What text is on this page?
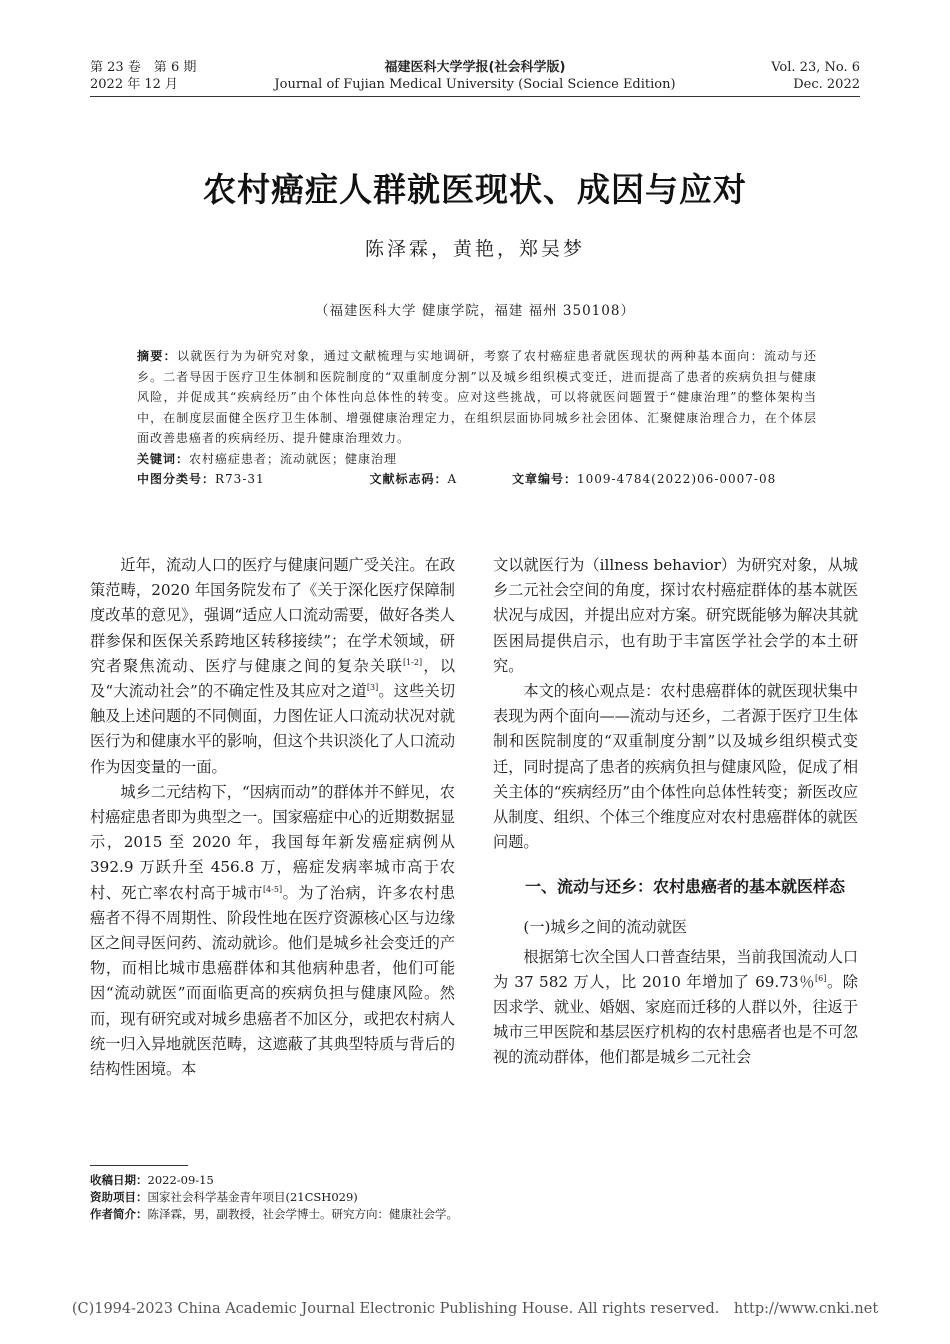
第 23 卷　第 6 期
2022 年 12 月
福建医科大学学报(社会科学版)
Journal of Fujian Medical University (Social Science Edition)
Vol. 23, No. 6
Dec. 2022
农村癌症人群就医现状、成因与应对
陈泽霖，黄艳，郑吴梦
（福建医科大学 健康学院，福建 福州 350108）
摘要：以就医行为为研究对象，通过文献梳理与实地调研，考察了农村癌症患者就医现状的两种基本面向：流动与还乡。二者导因于医疗卫生体制和医院制度的“双重制度分割”以及城乡组织模式变迁，进而提高了患者的疾病负担与健康风险，并促成其“疾病经历”由个体性向总体性的转变。应对这些挑战，可以将就医问题置于“健康治理”的整体架构当中，在制度层面健全医疗卫生体制、增强健康治理定力，在组织层面协同城乡社会团体、汇聚健康治理合力，在个体层面改善患癌者的疾病经历、提升健康治理效力。
关键词：农村癌症患者；流动就医；健康治理
中图分类号：R73-31	文献标志码：A	文章编号：1009-4784(2022)06-0007-08

近年，流动人口的医疗与健康问题广受关注。在政策范畴，2020 年国务院发布了《关于深化医疗保障制度改革的意见》，强调“适应人口流动需要，做好各类人群参保和医保关系跨地区转移接续”；在学术领域，研究者聚焦流动、医疗与健康之间的复杂关联[1-2]，以及“大流动社会”的不确定性及其应对之道[3]。这些关切触及上述问题的不同侧面，力图佐证人口流动状况对就医行为和健康水平的影响，但这个共识淡化了人口流动作为因变量的一面。

城乡二元结构下，“因病而动”的群体并不鲜见，农村癌症患者即为典型之一。国家癌症中心的近期数据显示，2015 至 2020 年，我国每年新发癌症病例从 392.9 万跃升至 456.8 万，癌症发病率城市高于农村、死亡率农村高于城市[4-5]。为了治病，许多农村患癌者不得不周期性、阶段性地在医疗资源核心区与边缘区之间寻医问药、流动就诊。他们是城乡社会变迁的产物，而相比城市患癌群体和其他病种患者，他们可能因“流动就医”而面临更高的疾病负担与健康风险。然而，现有研究或对城乡患癌者不加区分，或把农村病人统一归入异地就医范畴，这遮蔽了其典型特质与背后的结构性困境。本

文以就医行为（illness behavior）为研究对象，从城乡二元社会空间的角度，探讨农村癌症群体的基本就医状况与成因，并提出应对方案。研究既能够为解决其就医困局提供启示，也有助于丰富医学社会学的本土研究。

本文的核心观点是：农村患癌群体的就医现状集中表现为两个面向——流动与还乡，二者源于医疗卫生体制和医院制度的“双重制度分割”以及城乡组织模式变迁，同时提高了患者的疾病负担与健康风险，促成了相关主体的“疾病经历”由个体性向总体性转变；新医改应从制度、组织、个体三个维度应对农村患癌群体的就医问题。

一、流动与还乡：农村患癌者的基本就医样态

(一)城乡之间的流动就医

根据第七次全国人口普查结果，当前我国流动人口为 37 582 万人，比 2010 年增加了 69.73％[6]。除因求学、就业、婚姻、家庭而迁移的人群以外，往返于城市三甲医院和基层医疗机构的农村患癌者也是不可忽视的流动群体，他们都是城乡二元社会

收稿日期：2022-09-15
资助项目：国家社会科学基金青年项目(21CSH029)
作者简介：陈泽霖，男，副教授，社会学博士。研究方向：健康社会学。
(C)1994-2023 China Academic Journal Electronic Publishing House. All rights reserved.　http://www.cnki.net
